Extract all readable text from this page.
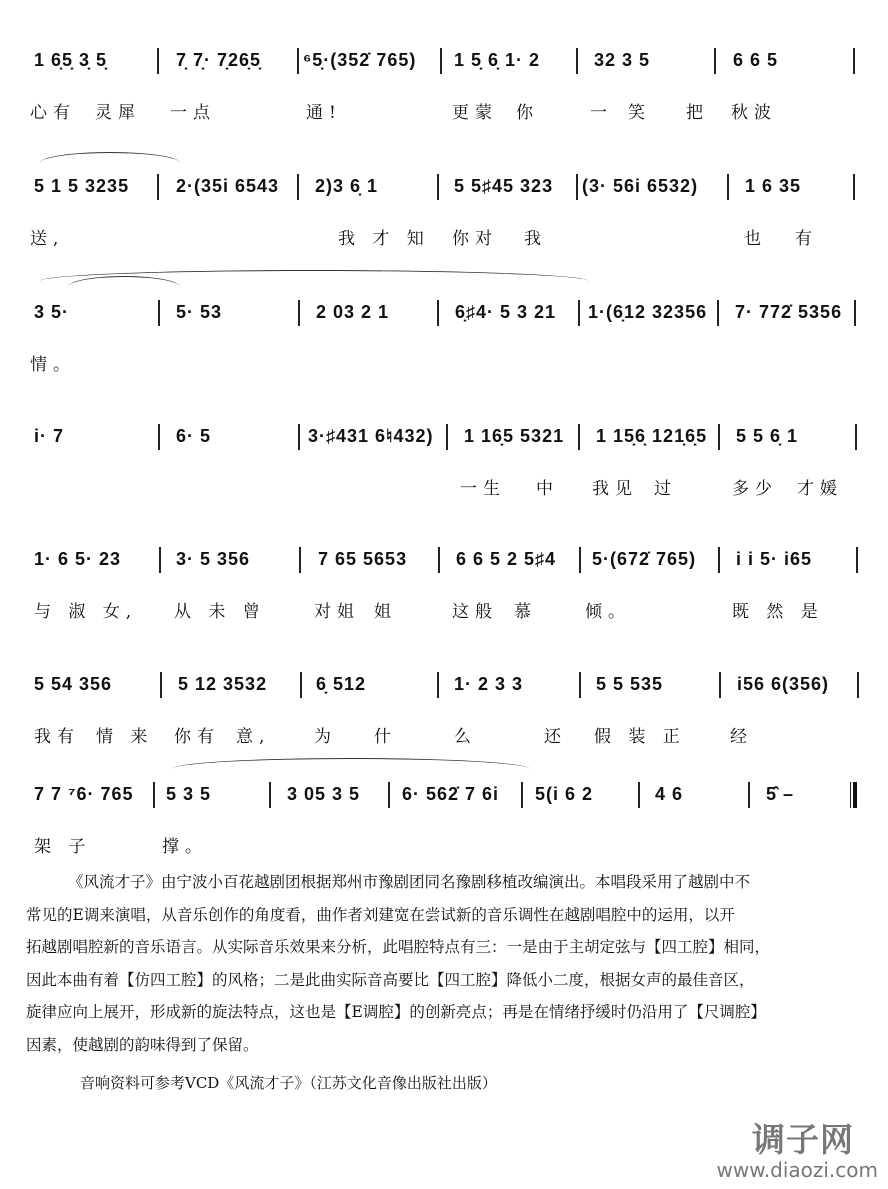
1 6̣5̣ 3̣ 5̣	7̣ 7̣· 7̣26̣5̣ ⁶5̣·(352̇ 765) 1 5̣ 6̣ 1· 2	32 3 5	6 6 5
心有 灵犀 一点	通!	更蒙 你	一 笑 把 秋波
5 1 5 3235	2·(35i 6543 2)3 6̣ 1	5 5♯45 323 (3· 56i 6532)	1 6 35
送,	我 才 知 你对 我	也 有
3 5·	5· 53	2 03 2 1	6̣♯4· 5 3 21 1·(6̣12 32356 7· 772̇ 5356
情。
i· 7	6· 5	3·♯431 6♮432) 1 16̣5 5321 1 15̣6̣ 121̣6̣5 5 5 6̣ 1
一生 中 我见 过	多少 才媛
1· 6 5· 23	3· 5 356	7 65 5653	6 6 5 2 5♯4 5·(672̇ 765) i i 5· i65
与 淑 女, 从 未 曾	对姐 姐	这般 慕	倾。	既 然 是
5 54 356	5 12 3532	6̣ 512	1· 2 3 3	5 5 535	i56 6(356)
我有 情 来 你有 意,	为 什	么	还 假 装 正	经
7 7 ⁷6· 765 5 3 5	3 05 3 5 6· 562̇ 7 6i 5(i 6 2	4 6	5̂ –
架 子	撑。

《风流才子》由宁波小百花越剧团根据郑州市豫剧团同名豫剧移植改编演出。本唱段采用了越剧中不

常见的E调来演唱，从音乐创作的角度看，曲作者刘建宽在尝试新的音乐调性在越剧唱腔中的运用，以开

拓越剧唱腔新的音乐语言。从实际音乐效果来分析，此唱腔特点有三：一是由于主胡定弦与【四工腔】相同，

因此本曲有着【仿四工腔】的风格；二是此曲实际音高要比【四工腔】降低小二度，根据女声的最佳音区，

旋律应向上展开，形成新的旋法特点，这也是【E调腔】的创新亮点；再是在情绪抒缓时仍沿用了【尺调腔】

因素，使越剧的韵味得到了保留。

音响资料可参考VCD《风流才子》（江苏文化音像出版社出版）
调子网
www.diaozi.com
